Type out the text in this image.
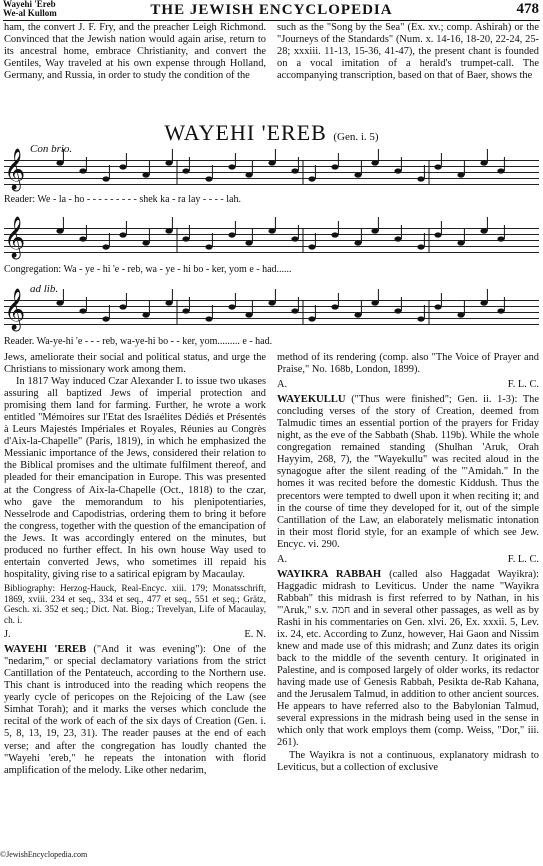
Wayehi 'Ereb
We-al Kullom	THE JEWISH ENCYCLOPEDIA	478

ham, the convert J. F. Fry, and the preacher Leigh Richmond. Convinced that the Jewish nation would again arise, return to its ancestral home, embrace Christianity, and convert the Gentiles, Way traveled at his own expense through Holland, Germany, and Russia, in order to study the condition of the

such as the "Song by the Sea" (Ex. xv.; comp. Ashirah) or the "Journeys of the Standards" (Num. x. 14-16, 18-20, 22-24, 25-28; xxxiii. 11-13, 15-36, 41-47), the present chant is founded on a vocal imitation of a herald's trumpet-call. The accompanying transcription, based on that of Baer, shows the

WAYEHI 'EREB (Gen. i. 5)
Con brio.
ad lib.
𝄞
Reader: We - la - ho - - - - - - - - - shek ka - ra lay - - - - lah.
𝄞
Congregation: Wa - ye - hi 'e - reb, wa - ye - hi bo - ker, yom e - had......
𝄞
Reader. Wa-ye-hi 'e - - - reb, wa-ye-hi bo - - ker, yom......... e - had.

Jews, ameliorate their social and political status, and urge the Christians to missionary work among them.

In 1817 Way induced Czar Alexander I. to issue two ukases assuring all baptized Jews of imperial protection and promising them land for farming. Further, he wrote a work entitled "Mémoires sur l'Etat des Israélites Dédiés et Présentés à Leurs Majestés Impériales et Royales, Réunies au Congrès d'Aix-la-Chapelle" (Paris, 1819), in which he emphasized the Messianic importance of the Jews, considered their relation to the Biblical promises and the ultimate fulfilment thereof, and pleaded for their emancipation in Europe. This was presented at the Congress of Aix-la-Chapelle (Oct., 1818) to the czar, who gave the memorandum to his plenipotentiaries, Nesselrode and Capodistrias, ordering them to bring it before the congress, together with the question of the emancipation of the Jews. It was accordingly entered on the minutes, but produced no further effect. In his own house Way used to entertain converted Jews, who sometimes ill repaid his hospitality, giving rise to a satirical epigram by Macaulay.

Bibliography: Herzog-Hauck, Real-Encyc. xiii. 179; Monatsschrift, 1869, xviii. 234 et seq., 334 et seq., 477 et seq., 551 et seq.; Grätz, Gesch. xi. 352 et seq.; Dict. Nat. Biog.; Trevelyan, Life of Macaulay, ch. i.

J.	E. N.

WAYEHI 'EREB ("And it was evening"): One of the "nedarim," or special declamatory variations from the strict Cantillation of the Pentateuch, according to the Northern use. This chant is introduced into the reading which reopens the yearly cycle of pericopes on the Rejoicing of the Law (see Simhat Torah); and it marks the verses which conclude the recital of the work of each of the six days of Creation (Gen. i. 5, 8, 13, 19, 23, 31). The reader pauses at the end of each verse; and after the congregation has loudly chanted the "Wayehi 'ereb," he repeats the intonation with florid amplification of the melody. Like other nedarim,

method of its rendering (comp. also "The Voice of Prayer and Praise," No. 168b, London, 1899).

A.	F. L. C.

WAYEKULLU ("Thus were finished"; Gen. ii. 1-3): The concluding verses of the story of Creation, deemed from Talmudic times an essential portion of the prayers for Friday night, as the eve of the Sabbath (Shab. 119b). While the whole congregation remained standing (Shulhan 'Aruk, Orah Hayyim, 268, 7), the "Wayekullu" was recited aloud in the synagogue after the silent reading of the "'Amidah." In the homes it was recited before the domestic Kiddush. Thus the precentors were tempted to dwell upon it when reciting it; and in the course of time they developed for it, out of the simple Cantillation of the Law, an elaborately melismatic intonation in their most florid style, for an example of which see Jew. Encyc. vi. 290.

A.	F. L. C.

WAYIKRA RABBAH (called also Haggadat Wayikra): Haggadic midrash to Leviticus. Under the name "Wayikra Rabbah" this midrash is first referred to by Nathan, in his "'Aruk," s.v. חמה and in several other passages, as well as by Rashi in his commentaries on Gen. xlvi. 26, Ex. xxxii. 5, Lev. ix. 24, etc. According to Zunz, however, Hai Gaon and Nissim knew and made use of this midrash; and Zunz dates its origin back to the middle of the seventh century. It originated in Palestine, and is composed largely of older works, its redactor having made use of Genesis Rabbah, Pesikta de-Rab Kahana, and the Jerusalem Talmud, in addition to other ancient sources. He appears to have referred also to the Babylonian Talmud, several expressions in the midrash being used in the sense in which only that work employs them (comp. Weiss, "Dor," iii. 261).

The Wayikra is not a continuous, explanatory midrash to Leviticus, but a collection of exclusive

©JewishEncyclopedia.com
